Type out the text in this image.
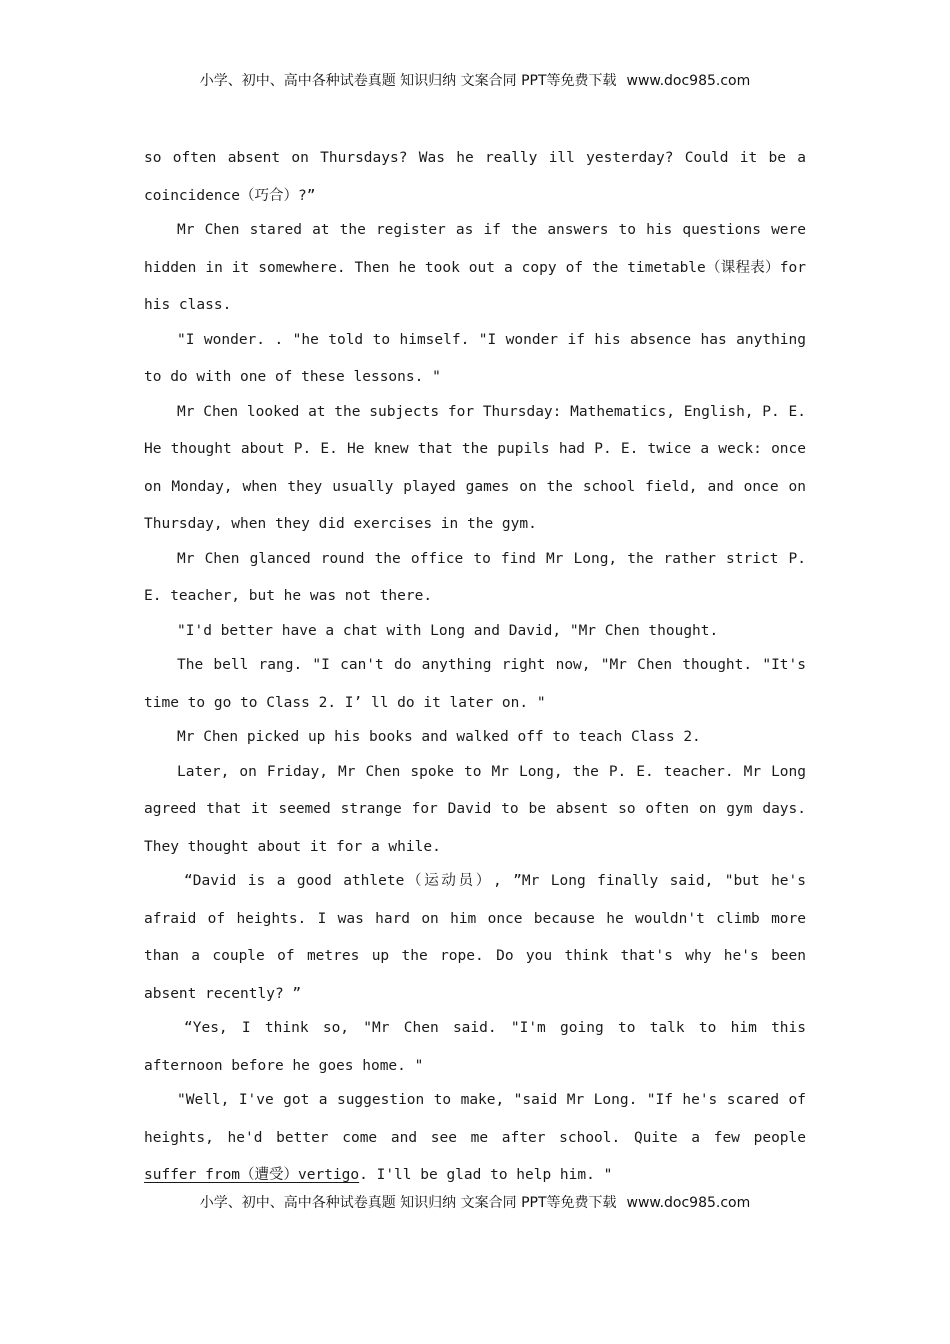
小学、初中、高中各种试卷真题 知识归纳 文案合同 PPT等免费下载 www.doc985.com

so often absent on Thursdays? Was he really ill yesterday? Could it be a coincidence（巧合）?”

Mr Chen stared at the register as if the answers to his questions were hidden in it somewhere. Then he took out a copy of the timetable（课程表）for his class.

"I wonder. . "he told to himself. "I wonder if his absence has anything to do with one of these lessons. "

Mr Chen looked at the subjects for Thursday: Mathematics, English, P. E. He thought about P. E. He knew that the pupils had P. E. twice a weck: once on Monday, when they usually played games on the school field, and once on Thursday, when they did exercises in the gym.

Mr Chen glanced round the office to find Mr Long, the rather strict P. E. teacher, but he was not there.

"I'd better have a chat with Long and David, "Mr Chen thought.

The bell rang. "I can't do anything right now, "Mr Chen thought. "It's time to go to Class 2. I’ ll do it later on. "

Mr Chen picked up his books and walked off to teach Class 2.

Later, on Friday, Mr Chen spoke to Mr Long, the P. E. teacher. Mr Long agreed that it seemed strange for David to be absent so often on gym days. They thought about it for a while.

“David is a good athlete（运动员）, ”Mr Long finally said, "but he's afraid of heights. I was hard on him once because he wouldn't climb more than a couple of metres up the rope. Do you think that's why he's been absent recently? ”

“Yes, I think so, "Mr Chen said. "I'm going to talk to him this afternoon before he goes home. "

"Well, I've got a suggestion to make, "said Mr Long. "If he's scared of heights, he'd better come and see me after school. Quite a few people suffer from（遭受）vertigo. I'll be glad to help him. "

小学、初中、高中各种试卷真题 知识归纳 文案合同 PPT等免费下载 www.doc985.com
